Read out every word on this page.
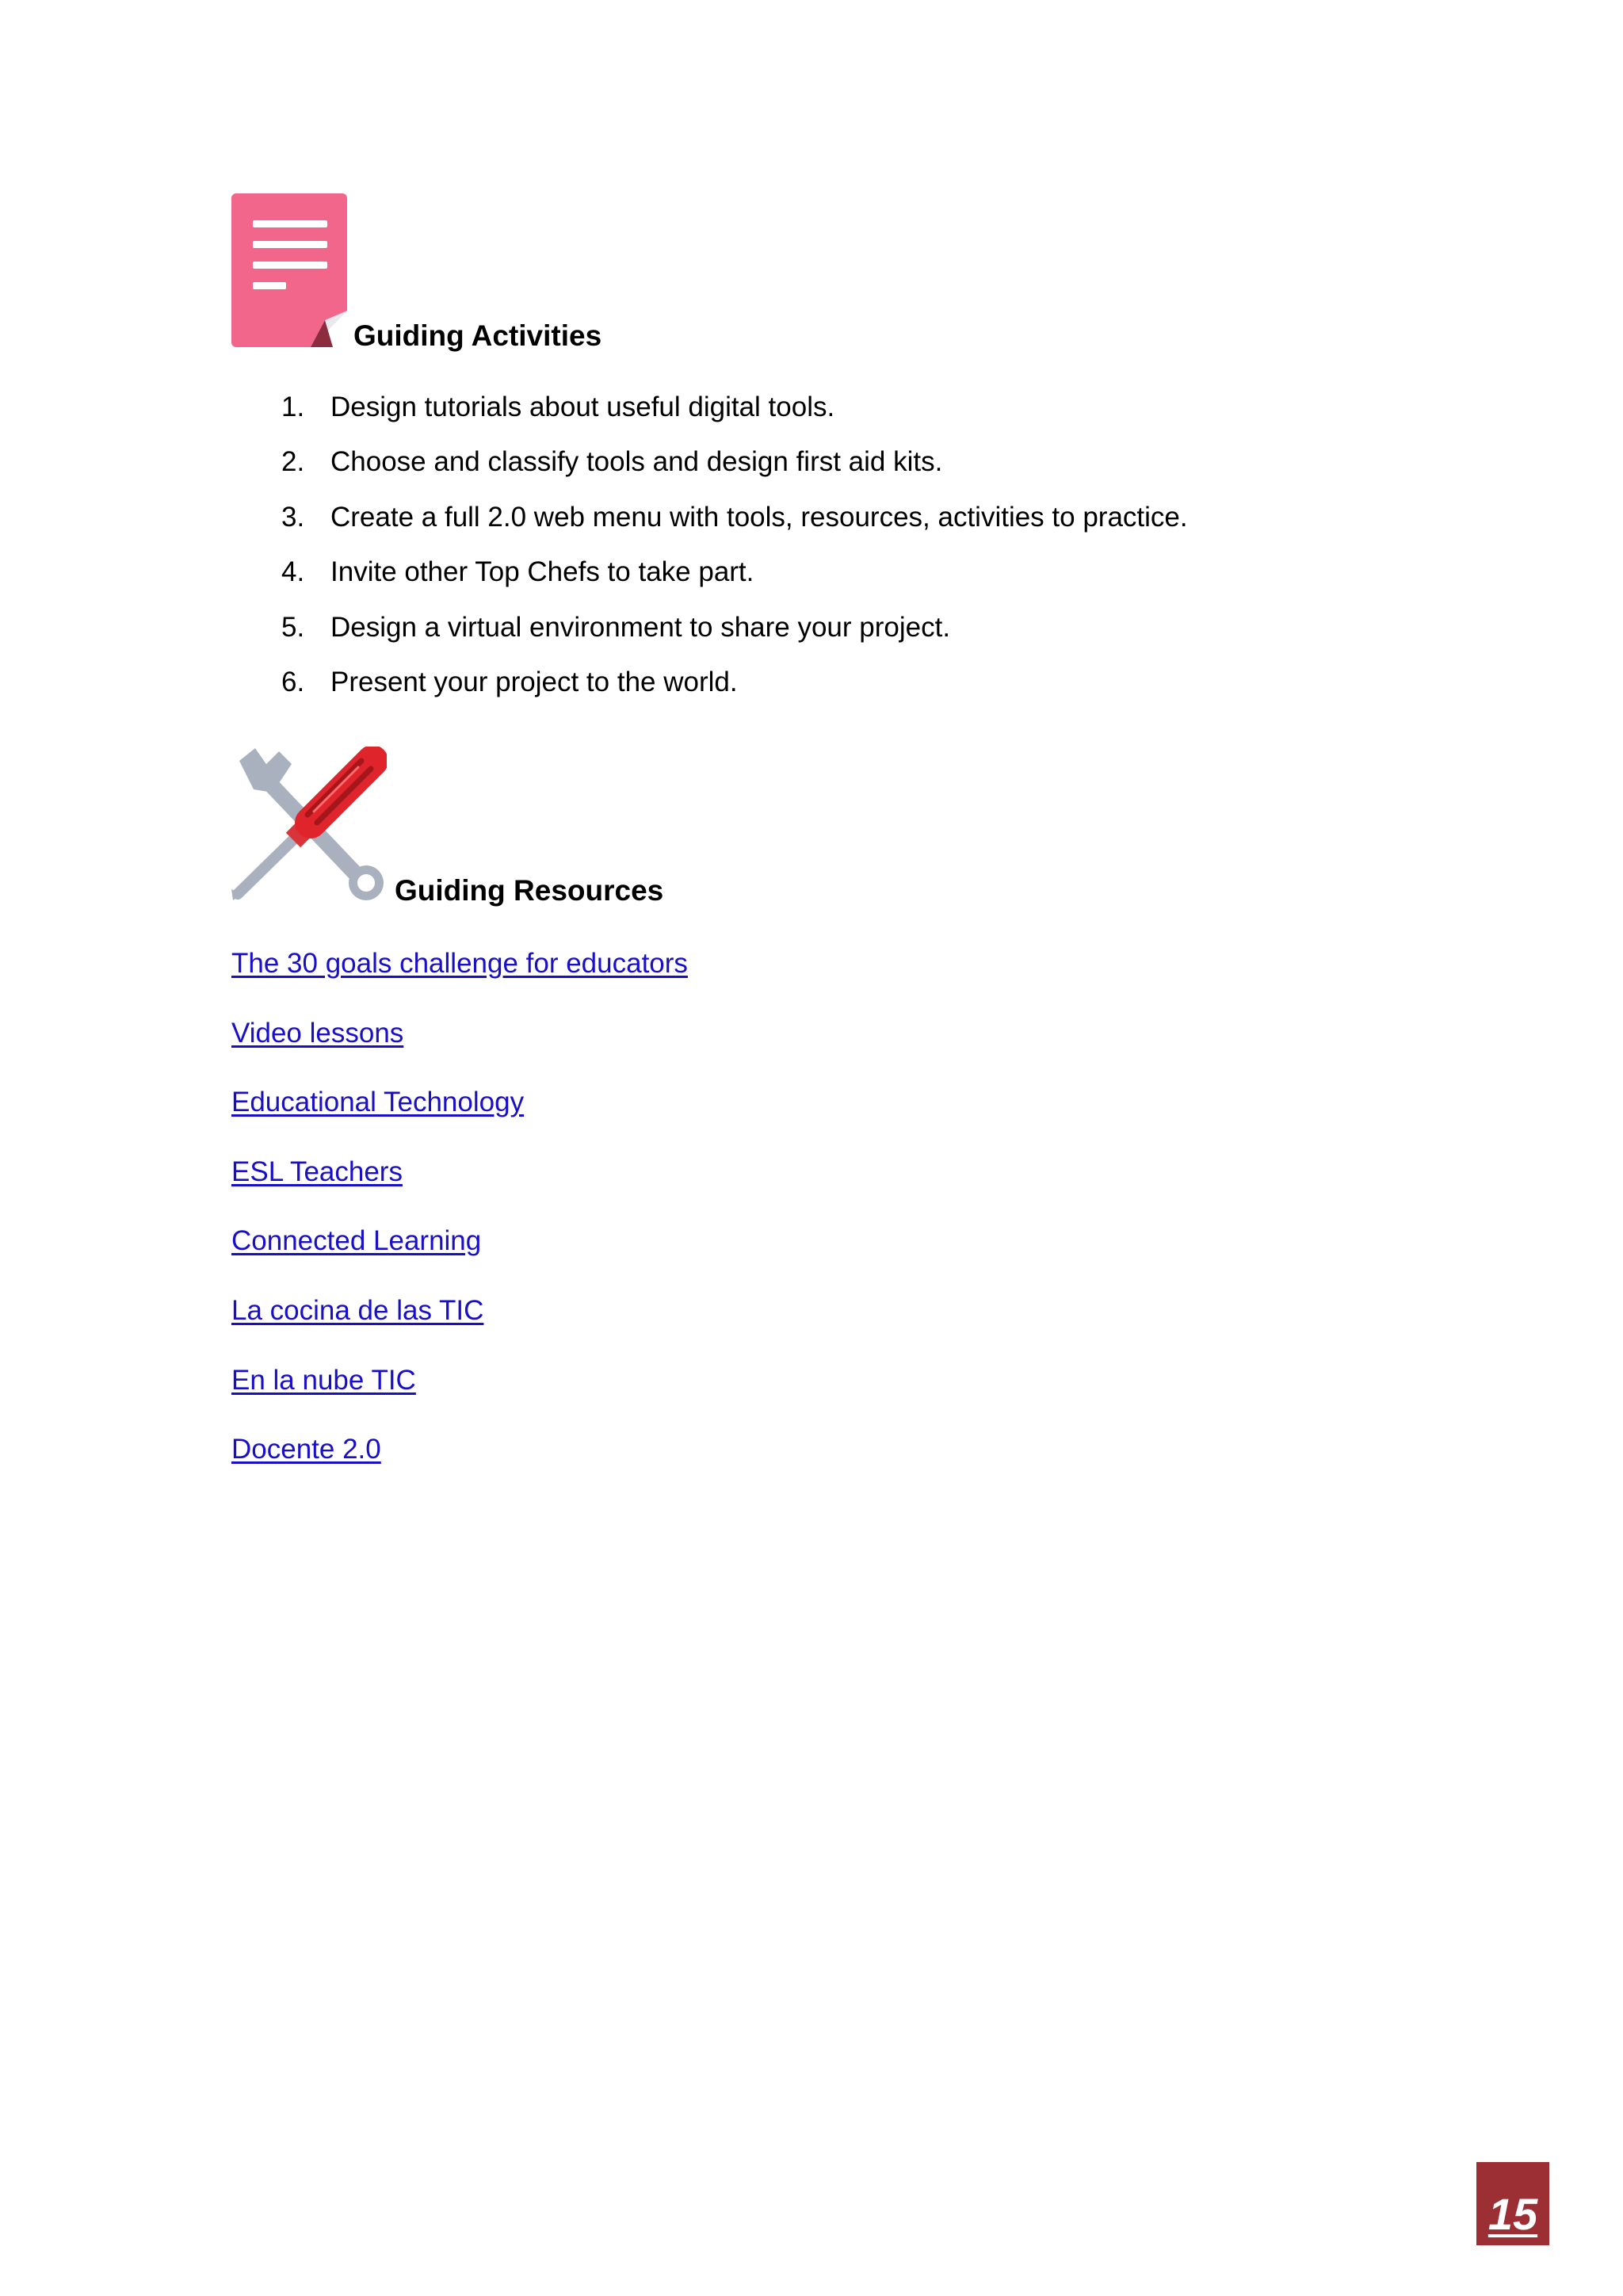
Guiding Activities
1. Design tutorials about useful digital tools.
2. Choose and classify tools and design first aid kits.
3. Create a full 2.0 web menu with tools, resources, activities to practice.
4. Invite other Top Chefs to take part.
5. Design a virtual environment to share your project.
6. Present your project to the world.
Guiding Resources
The 30 goals challenge for educators
Video lessons
Educational Technology
ESL Teachers
Connected Learning
La cocina de las TIC
En la nube TIC
Docente 2.0
15
